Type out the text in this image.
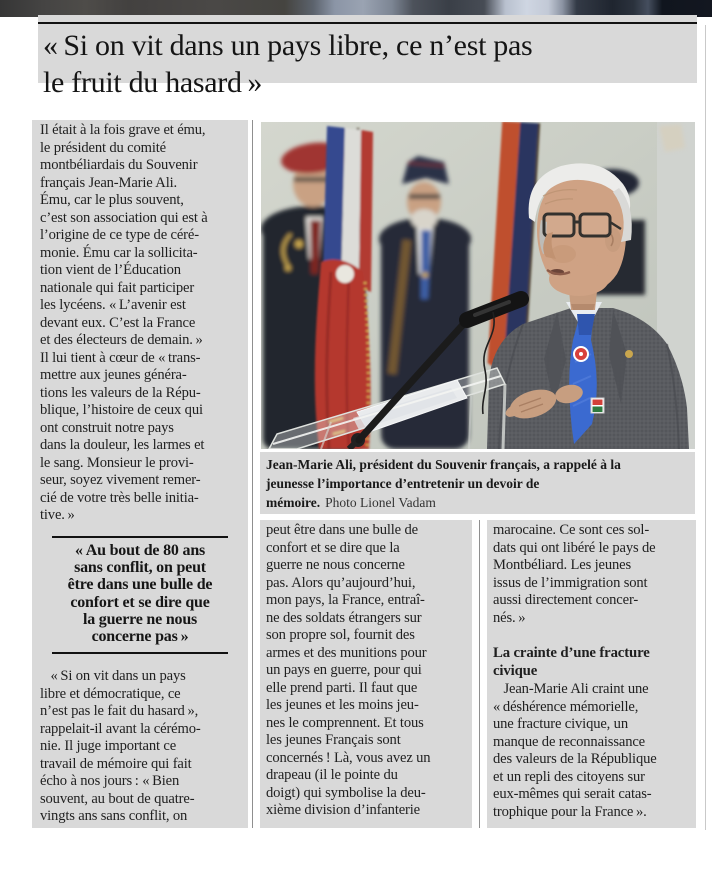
« Si on vit dans un pays libre, ce n’est pas
le fruit du hasard »
Il était à la fois grave et ému,
le président du comité
montbéliardais du Souvenir
français Jean-Marie Ali.
Ému, car le plus souvent,
c’est son association qui est à
l’origine de ce type de céré-
monie. Ému car la sollicita-
tion vient de l’Éducation
nationale qui fait participer
les lycéens. « L’avenir est
devant eux. C’est la France
et des électeurs de demain. »
Il lui tient à cœur de « trans-
mettre aux jeunes généra-
tions les valeurs de la Répu-
blique, l’histoire de ceux qui
ont construit notre pays
dans la douleur, les larmes et
le sang. Monsieur le provi-
seur, soyez vivement remer-
cié de votre très belle initia-
tive. »
« Au bout de 80 ans
sans conflit, on peut
être dans une bulle de
confort et se dire que
la guerre ne nous
concerne pas »
« Si on vit dans un pays
libre et démocratique, ce
n’est pas le fait du hasard »,
rappelait-il avant la cérémo-
nie. Il juge important ce
travail de mémoire qui fait
écho à nos jours : « Bien
souvent, au bout de quatre-
vingts ans sans conflit, on
peut être dans une bulle de
confort et se dire que la
guerre ne nous concerne
pas. Alors qu’aujourd’hui,
mon pays, la France, entraî-
ne des soldats étrangers sur
son propre sol, fournit des
armes et des munitions pour
un pays en guerre, pour qui
elle prend parti. Il faut que
les jeunes et les moins jeu-
nes le comprennent. Et tous
les jeunes Français sont
concernés ! Là, vous avez un
drapeau (il le pointe du
doigt) qui symbolise la deu-
xième division d’infanterie
marocaine. Ce sont ces sol-
dats qui ont libéré le pays de
Montbéliard. Les jeunes
issus de l’immigration sont
aussi directement concer-
nés. »
La crainte d’une fracture
civique
Jean-Marie Ali craint une
« déshérence mémorielle,
une fracture civique, un
manque de reconnaissance
des valeurs de la République
et un repli des citoyens sur
eux-mêmes qui serait catas-
trophique pour la France ».
Jean-Marie Ali, président du Souvenir français, a rappelé à la
jeunesse l’importance d’entretenir un devoir de
mémoire. Photo Lionel Vadam
